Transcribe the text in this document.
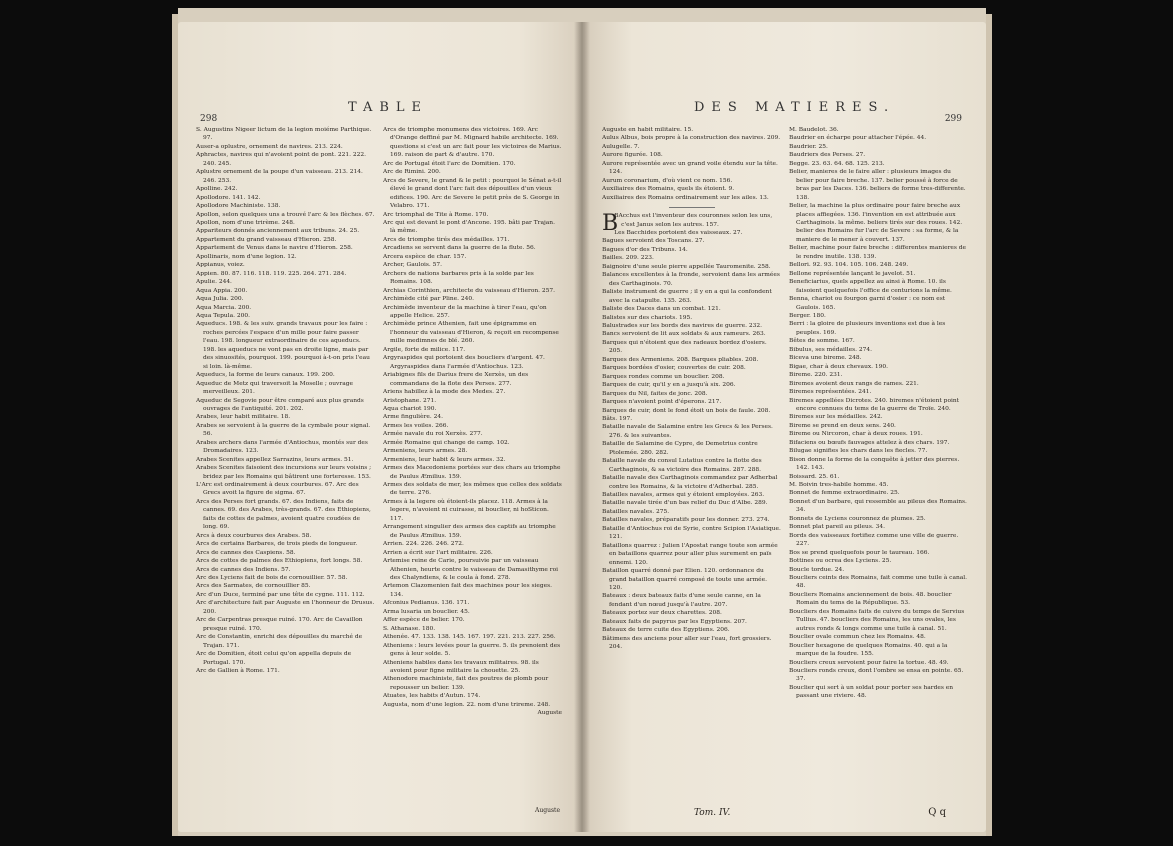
298
TABLE

S. Augustins Nigeer lictum de la legion moiéme Parthique. 97.

Auser-a oplustre, ornement de navires. 213. 224.

Aphractes, navires qui n'avoient point de pont. 221. 222. 240. 245.

Aplustre ornement de la poupe d'un vaisseau. 213. 214. 246. 253.

Apolline. 242.

Apollodore. 141. 142.

Apollodore Machiniste. 138.

Apollon, selon quelques uns a trouvé l'arc & les flèches. 67.

Apollon, nom d'une trirème. 248.

Appariteurs donnés anciennement aux tribuns. 24. 25.

Appartement du grand vaisseau d'Hieron. 258.

Appartement de Venus dans le navire d'Hieron. 258.

Apollinaris, nom d'une legion. 12.

Appianus, voiez.

Appien. 80. 87. 116. 118. 119. 225. 264. 271. 284.

Apulie. 244.

Aqua Appia. 200.

Aqua Julia. 200.

Aqua Marcia. 200.

Aqua Tepula. 200.

Aqueducs. 198. & les suiv. grands travaux pour les faire : roches percées l'espace d'un mille pour faire passer l'eau. 198. longueur extraordinaire de ces aqueducs. 198. les aqueducs ne vont pas en droite ligne, mais par des sinuosités, pourquoi. 199. pourquoi à-t-on pris l'eau si loin. là-même.

Aqueducs, la forme de leurs canaux. 199. 200.

Aqueduc de Metz qui traversoit la Moselle ; ouvrage merveilleux. 201.

Aqueduc de Segovie pour être comparé aux plus grands ouvrages de l'antiquité. 201. 202.

Arabes, leur habit militaire. 18.

Arabes se servoient à la guerre de la cymbale pour signal. 56.

Arabes archers dans l'armée d'Antiochus, montés sur des Dromadaires. 123.

Arabes Scenites appellez Sarrazins, leurs armes. 51.

Arabes Scenites faisoient des incursions sur leurs voisins ; bridez par les Romains qui bâtirent une forteresse. 153.

L'Arc est ordinairement à deux courbures. 67. Arc des Grecs avoit la figure de sigma. 67.

Arcs des Perses fort grands. 67. des Indiens, faits de cannes. 69. des Arabes, très-grands. 67. des Ethiopiens, faits de cottes de palmes, avoient quatre coudées de long. 69.

Arcs à deux courbures des Arabes. 58.

Arcs de certains Barbares, de trois pieds de longueur.

Arcs de cannes des Caspiens. 58.

Arcs de cottes de palmes des Ethiopiens, fort longs. 58.

Arcs de cannes des Indiens. 57.

Arc des Lyciens fait de bois de cornouillier. 57. 58.

Arcs des Sarmates, de cornouillier 85.

Arc d'un Duce, terminé par une tête de cygne. 111. 112.

Arc d'architecture fait par Auguste en l'honneur de Drusus. 200.

Arc de Carpentras presque ruiné. 170. Arc de Cavaillon presque ruiné. 170.

Arc de Constantin, enrichi des dépouilles du marché de Trajan. 171.

Arc de Domitien, étoit celui qu'on appella depuis de Portugal. 170.

Arc de Gallien à Rome. 171.

Arcs de triomphe monumens des victoires. 169. Arc d'Orange deffiné par M. Mignard habile architecte. 169. questions si c'est un arc fait pour les victoires de Marius. 169. raison de part & d'autre. 170.

Arc de Portugal étoit l'arc de Domitien. 170.

Arc de Rimini. 200.

Arcs de Severe, le grand & le petit : pourquoi le Sénat a-t-il élevé le grand dont l'arc fait des dépouilles d'un vieux edifices. 190. Arc de Severe le petit près de S. George in Velabro. 171.

Arc triomphal de Tite à Rome. 170.

Arc qui est devant le pont d'Ancone. 195. bâti par Trajan. là même.

Arcs de triomphe tirés des médailles. 171.

Arcadiens se servent dans la guerre de la flute. 56.

Arcera espèce de char. 157.

Archer, Gaulois. 57.

Archers de nations barbares pris à la solde par les Romains. 108.

Archias Corinthien, architecte du vaisseau d'Hieron. 257.

Archimède cité par Pline. 240.

Archimède inventeur de la machine à tirer l'eau, qu'on appelle Helice. 257.

Archimède prince Athenien, fait une épigramme en l'honneur du vaisseau d'Hieron, & reçoit en recompense mille medimnes de blé. 260.

Argile, forte de milice. 117.

Argyraspides qui portoient des boucliers d'argent. 47. Argyraspides dans l'armée d'Antiochus. 123.

Ariabignes fils de Darius frere de Xerxès, un des commandans de la flote des Perses. 277.

Ariens habillez à la mode des Medes. 27.

Aristophane. 271.

Aqua chariot 190.

Arme fingulière. 24.

Armes les voiles. 266.

Armée navale du roi Xerxès. 277.

Armée Romaine qui change de camp. 102.

Armeniens, leurs armes. 28.

Armeniens, leur habit & leurs armes. 32.

Armes des Macedoniens portées sur des chars au triomphe de Paulus Æmilius. 159.

Armes des soldats de mer, les mêmes que celles des soldats de terre. 276.

Armes à la legere où étoient-ils placez. 118. Armes à la legere, n'avoient ni cuirasse, ni bouclier, ni hoSticon. 117.

Arrangement singulier des armes des captifs au triomphe de Paulus Æmilius. 159.

Arrien. 224. 226. 246. 272.

Arrien a écrit sur l'art militaire. 226.

Artemise reine de Carie, poursuivie par un vaisseau Athenien, heurte contre le vaisseau de Damasithyme roi des Chalyndiens, & le coula à fond. 278.

Artemon Clazomenien fait des machines pour les sieges. 134.

Afconius Pedianus. 136. 171.

Arma lusaria un bouclier. 45.

Affer espèce de belier. 170.

S. Athanase. 180.

Athenée. 47. 133. 138. 145. 167. 197. 221. 213. 227. 256.

Atheniens : leurs levées pour la guerre. 5. ils prenoient des gens à leur solde. 5.

Atheniens habiles dans les travaux militaires. 98. ils avoient pour figne militaire la chouette. 25.

Athenodore machiniste, fait des poutres de plomb pour repousser un belier. 139.

Atuates, les habits d'Autun. 174.

Augusta, nom d'une legion. 22. nom d'une trireme. 248.

Auguste
Auguste
DES MATIERES.
299

Auguste en habit militaire. 15.

Aulus Albus, bois propre à la construction des navires. 209.

Aulugelle. 7.

Aurore figurée. 108.

Aurore représentée avec un grand voile étendu sur la tête. 124.

Aurum coronarium, d'où vient ce nom. 156.

Auxiliaires des Romains, quels ils étoient. 9.

Auxiliaires des Romains ordinairement sur les ailes. 13.

B

BAcchus est l'inventeur des couronnes selon les uns, c'est Janus selon les autres. 157.

Les Bacchides portoient des vaisseaux. 27.

Bagues servoient des Toscans. 27.

Bagues d'or des Tribuns. 14.

Bailles. 209. 223.

Baignoire d'une seule pierre appellée Tauromenite. 258.

Balances excellentes à la fronde, servoient dans les armées des Carthaginois. 70.

Baliste instrument de guerre ; il y en a qui la confondent avec la catapulte. 135. 263.

Baliste des Daces dans un combat. 121.

Balistes sur des chariots. 195.

Balustrades sur les bords des navires de guerre. 232.

Bancs servoient de lit aux soldats & aux rameurs. 263.

Barques qui n'étoient que des radeaux bordez d'osiers. 205.

Barques des Armeniens. 208. Barques pliables. 208.

Barques bordées d'osier, couvertes de cuir. 208.

Barques rondes comme un bouclier. 208.

Barques de cuir, qu'il y en a jusqu'à six. 206.

Barques du Nil, faites de jonc. 208.

Barques n'avoient point d'éperons. 217.

Barques de cuir, dont le fond étoit un bois de faule. 208.

Bâts. 197.

Bataille navale de Salamine entre les Grecs & les Perses. 276. & les suivantes.

Bataille de Salamine de Cypre, de Demetrius contre Ptolemée. 280. 282.

Bataille navale du consul Lutatius contre la flotte des Carthaginois, & sa victoire des Romains. 287. 288.

Bataille navale des Carthaginois commandez par Adherbal contre les Romains, & la victoire d'Adherbal. 285.

Batailles navales, armes qui y étoient employées. 263.

Bataille navale tirée d'un bas relief du Duc d'Albe. 289.

Batailles navales. 275.

Batailles navales, préparatifs pour les donner. 273. 274.

Bataille d'Antiochus roi de Syrie, contre Scipion l'Asiatique. 121.

Bataillons quarrez : Julien l'Apostat range toute son armée en bataillons quarrez pour aller plus surement en païs ennemi. 120.

Bataillon quarré donné par Elien. 120. ordonnance du grand bataillon quarré composé de toute une armée. 120.

Bateaux : deux bateaux faits d'une seule canne, en la fendant d'un nœud jusqu'à l'autre. 207.

Bateaux portez sur deux charettes. 208.

Bateaux faits de papyrus par les Egyptiens. 207.

Bateaux de terre cuite des Egyptiens. 206.

Bâtimens des anciens pour aller sur l'eau, fort grossiers. 204.

M. Baudelot. 36.

Baudrier en écharpe pour attacher l'épée. 44.

Baudrier. 25.

Baudriers des Perses. 27.

Begge. 23. 63. 64. 68. 125. 213.

Belier, manieres de le faire aller : plusieurs images du belier pour faire breche. 137. belier poussé à force de bras par les Daces. 136. beliers de forme tres-differente. 138.

Belier, la machine la plus ordinaire pour faire breche aux places affiegées. 136. l'invention en est attribuée aux Carthaginois. la même. beliers tirés sur des roues. 142. belier des Romains fur l'arc de Severe : sa forme, & la maniere de le mener à couvert. 137.

Belier, machine pour faire breche : differentes manieres de le rendre inutile. 138. 139.

Bellori. 92. 93. 104. 105. 106. 248. 249.

Bellone représentée lançant le javelot. 51.

Beneficiarius, quels appellez au ainsi à Rome. 10. ils faisoient quelquefois l'office de centurions la même.

Benna, chariot ou fourgon garni d'osier : ce nom est Gaulois. 165.

Berger. 180.

Berri : la gloire de plusieurs inventions est due à les peuples. 169.

Bêtes de somme. 167.

Bibulus, ses médailles. 274.

Biceva une bireme. 248.

Bigae, char à deux chevaux. 190.

Bireme. 220. 231.

Biremes avoient deux rangs de rames. 221.

Biremes représentées. 241.

Biremes appellées Dicrotes. 240. biremes n'étoient point encore connues du tems de la guerre de Troïe. 240.

Biremes sur les médailles. 242.

Bireme se prend en deux sens. 240.

Bireme ou Nircoron, char à deux roues. 191.

Bifaciens ou bœufs fauvages attelez à des chars. 197.

Bilugae signifies les chars dans les fiecles. 77.

Bison donne la forme de la conquête à jetter des pierres. 142. 143.

Boissard. 25. 61.

M. Boivin tres-habile homme. 45.

Bonnet de femme extraordinaire. 25.

Bonnet d'un barbare, qui ressemble au pileus des Romains. 34.

Bonnets de Lyciens couronnez de plumes. 25.

Bonnet plat pareil au pileus. 34.

Bords des vaisseaux fortifiez comme une ville de guerre. 227.

Bos se prend quelquefois pour le taureau. 166.

Bottines ou ocrea des Lyciens. 25.

Boucle tordue. 24.

Boucliers ceints des Romains, fait comme une tuile à canal. 48.

Boucliers Romains anciennement de bois. 48. bouclier Romain du tems de la République. 53.

Boucliers des Romains faits de cuivre du temps de Servius Tullius. 47. boucliers des Romains, les uns ovales, les autres ronds & longs comme une tuile à canal. 51.

Bouclier ovale commun chez les Romains. 48.

Bouclier hexagone de quelques Romains. 40. qui a la marque de la foudre. 155.

Boucliers creux servoient pour faire la tortue. 48. 49.

Boucliers ronds creux, dont l'ombre se ensa en pointe. 65. 37.

Bouclier qui sert à un soldat pour porter ses hardes en passant une riviere. 48.

Tom. IV.	Q q
